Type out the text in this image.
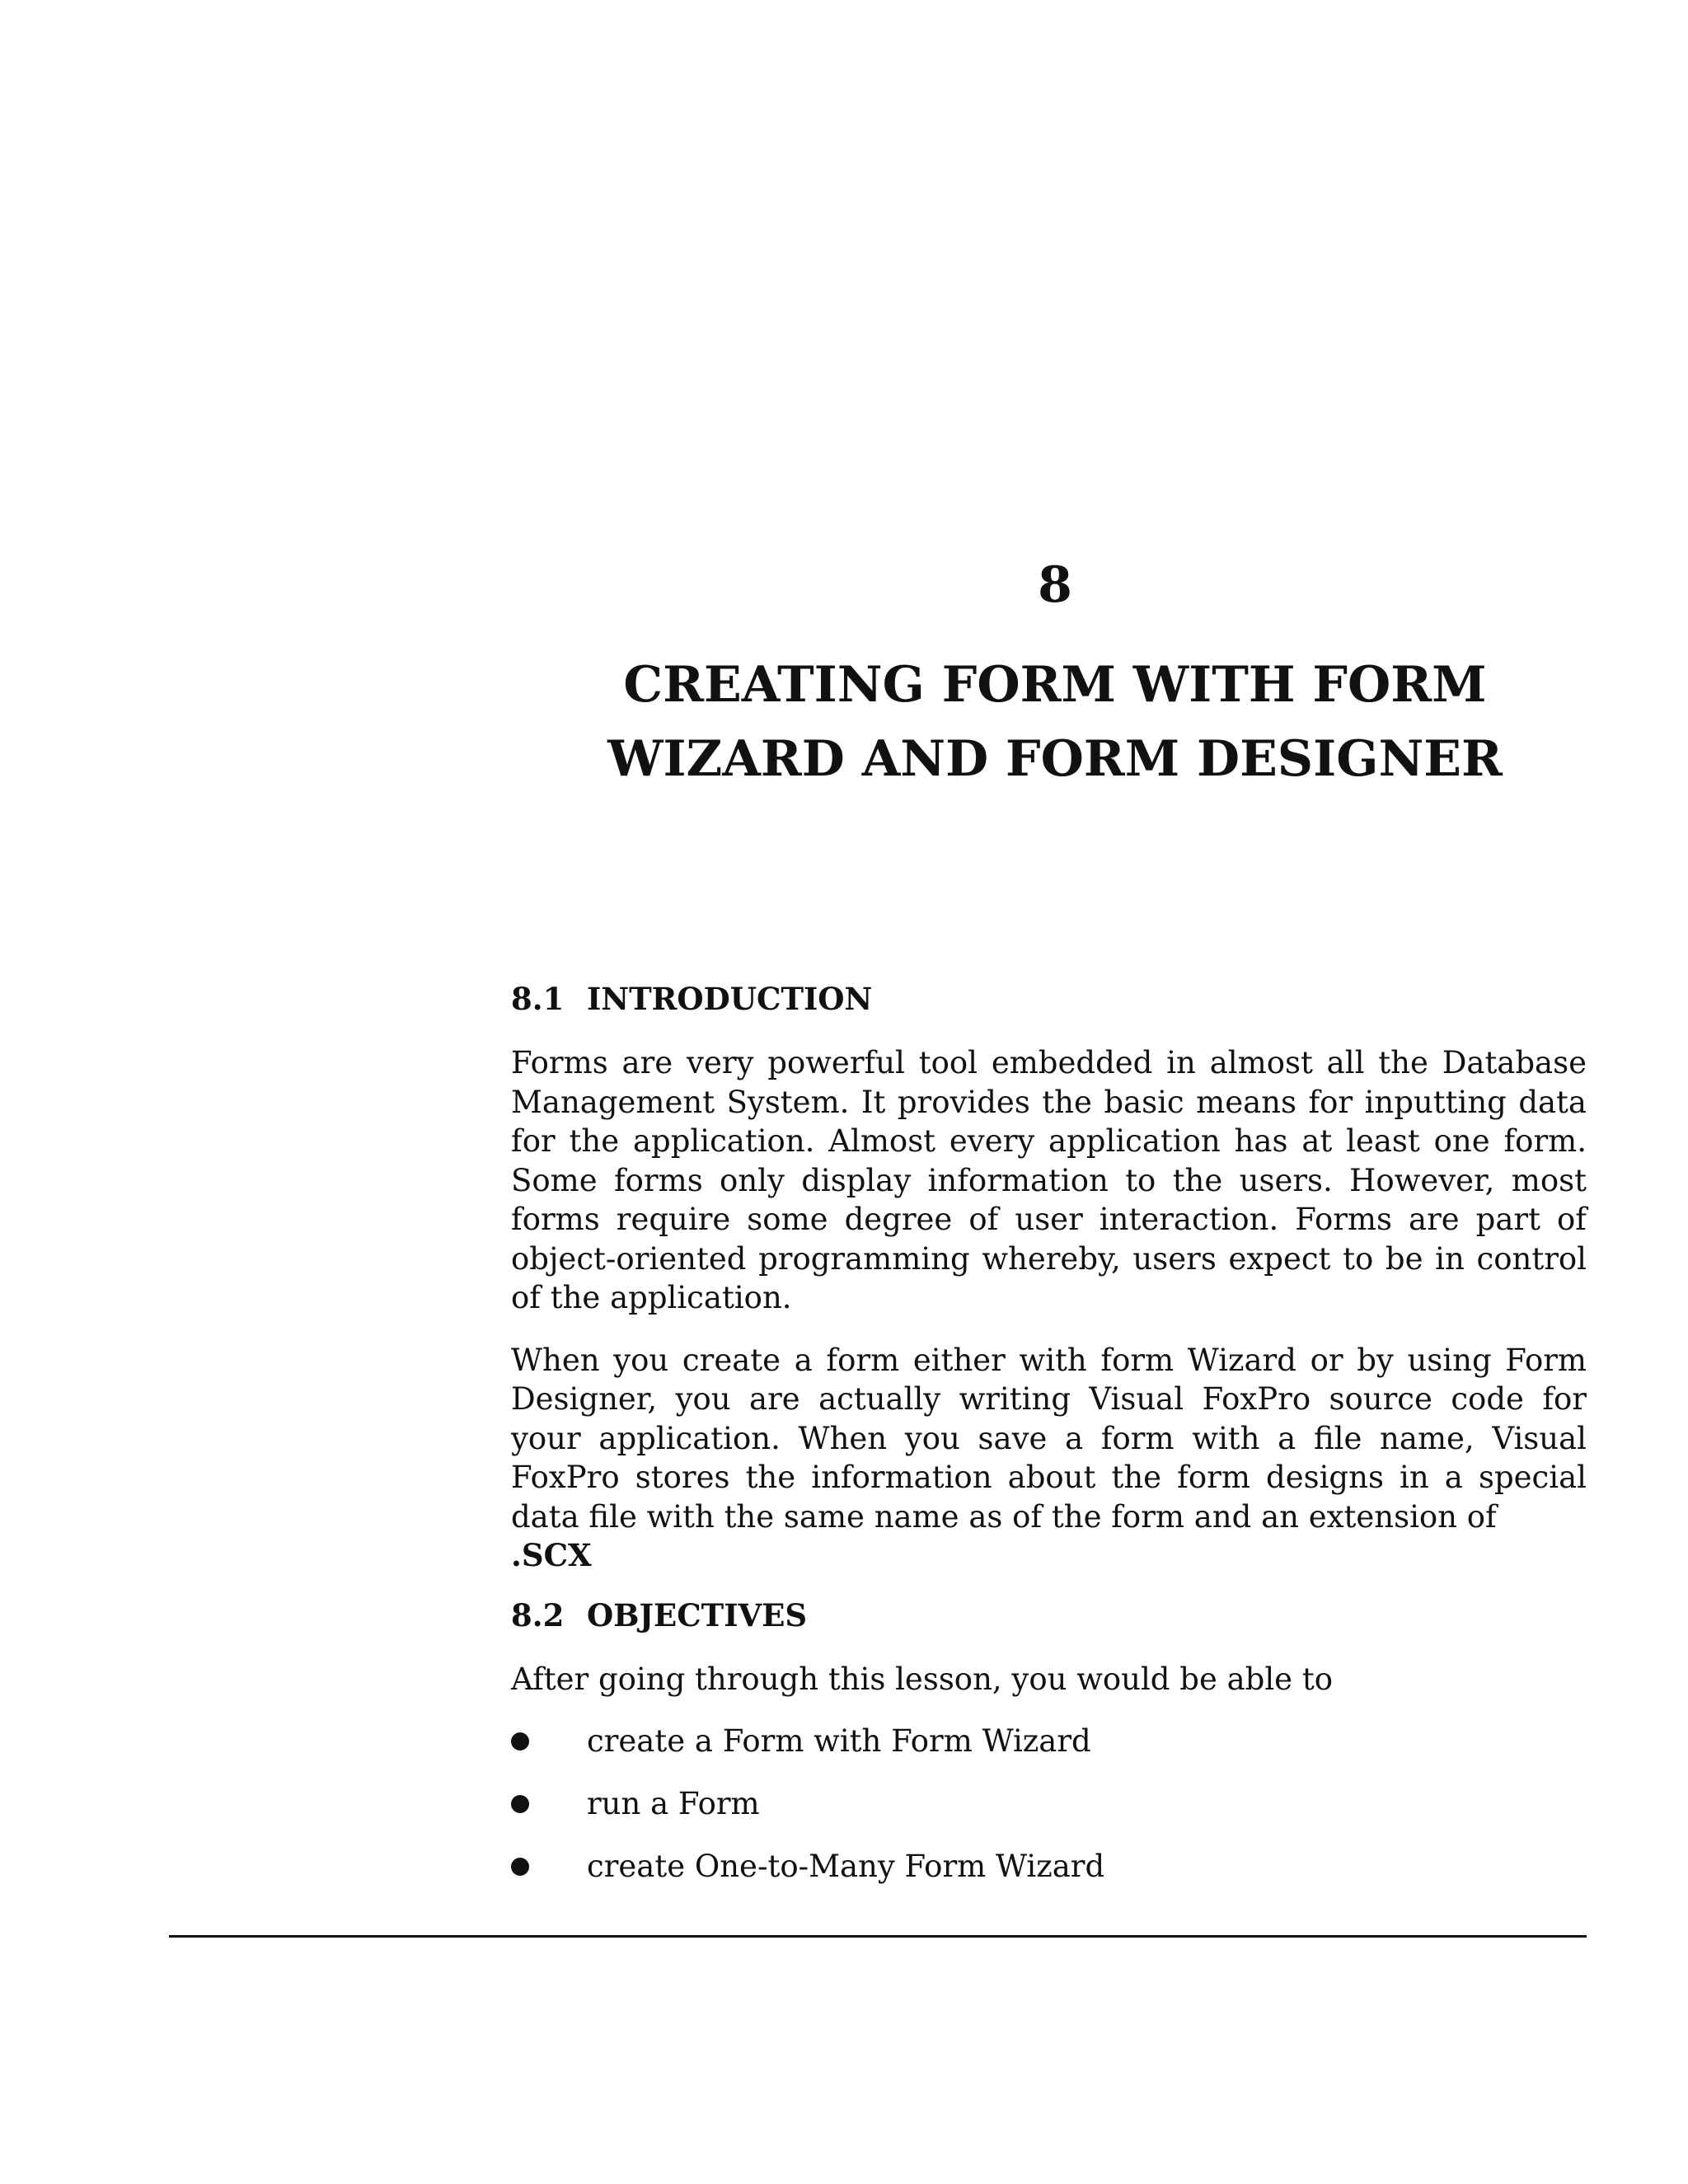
8
CREATING FORM WITH FORM
WIZARD AND FORM DESIGNER
8.1 INTRODUCTION

Forms are very powerful tool embedded in almost all the Database Management System. It provides the basic means for inputting data for the application. Almost every application has at least one form. Some forms only display information to the users. However, most forms require some degree of user interaction. Forms are part of object-oriented programming whereby, users expect to be in control of the application.

When you create a form either with form Wizard or by using Form Designer, you are actually writing Visual FoxPro source code for your application. When you save a form with a file name, Visual FoxPro stores the information about the form designs in a special data file with the same name as of the form and an extension of
.SCX

8.2 OBJECTIVES

After going through this lesson, you would be able to

create a Form with Form Wizard
run a Form
create One-to-Many Form Wizard
